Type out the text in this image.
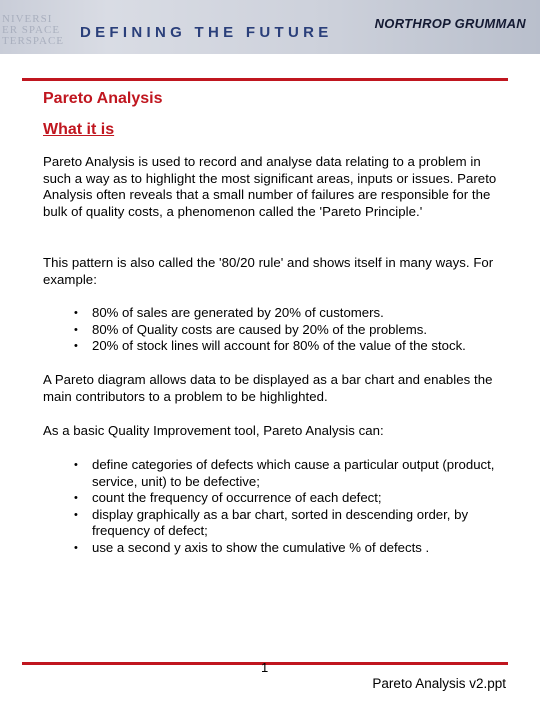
NIVERSI
ER SPACE
TERSPACE DEFINING THE FUTURE
NORTHROP GRUMMAN
Pareto Analysis
What it is

Pareto Analysis is used to record and analyse data relating to a problem in such a way as to highlight the most significant areas, inputs or issues. Pareto Analysis often reveals that a small number of failures are responsible for the bulk of quality costs, a phenomenon called the 'Pareto Principle.'

This pattern is also called the '80/20 rule' and shows itself in many ways. For example:

• 80% of sales are generated by 20% of customers.
• 80% of Quality costs are caused by 20% of the problems.
• 20% of stock lines will account for 80% of the value of the stock.

A Pareto diagram allows data to be displayed as a bar chart and enables the main contributors to a problem to be highlighted.

As a basic Quality Improvement tool, Pareto Analysis can:

• define categories of defects which cause a particular output (product, service, unit) to be defective;
• count the frequency of occurrence of each defect;
• display graphically as a bar chart, sorted in descending order, by frequency of defect;
• use a second y axis to show the cumulative % of defects .
1
Pareto Analysis v2.ppt
